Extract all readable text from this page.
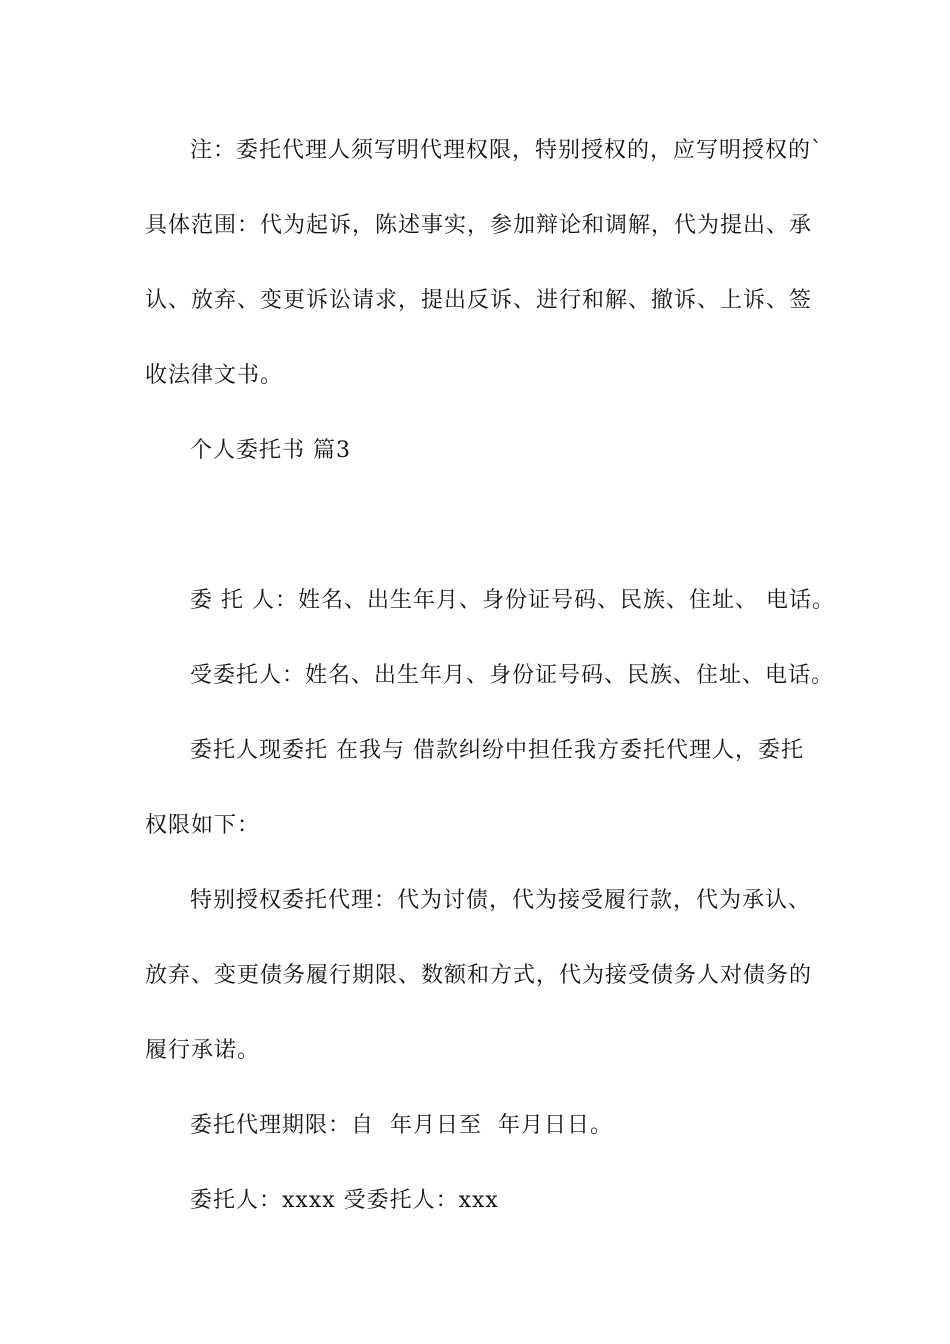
注：委托代理人须写明代理权限，特别授权的，应写明授权的`
具体范围：代为起诉，陈述事实，参加辩论和调解，代为提出、承
认、放弃、变更诉讼请求，提出反诉、进行和解、撤诉、上诉、签
收法律文书。
个人委托书 篇3
委 托 人：姓名、出生年月、身份证号码、民族、住址、 电话。
受委托人：姓名、出生年月、身份证号码、民族、住址、电话。
委托人现委托 在我与 借款纠纷中担任我方委托代理人，委托
权限如下：
特别授权委托代理：代为讨债，代为接受履行款，代为承认、
放弃、变更债务履行期限、数额和方式，代为接受债务人对债务的
履行承诺。
委托代理期限：自  年月日至  年月日日。
委托人：xxxx 受委托人：xxx
